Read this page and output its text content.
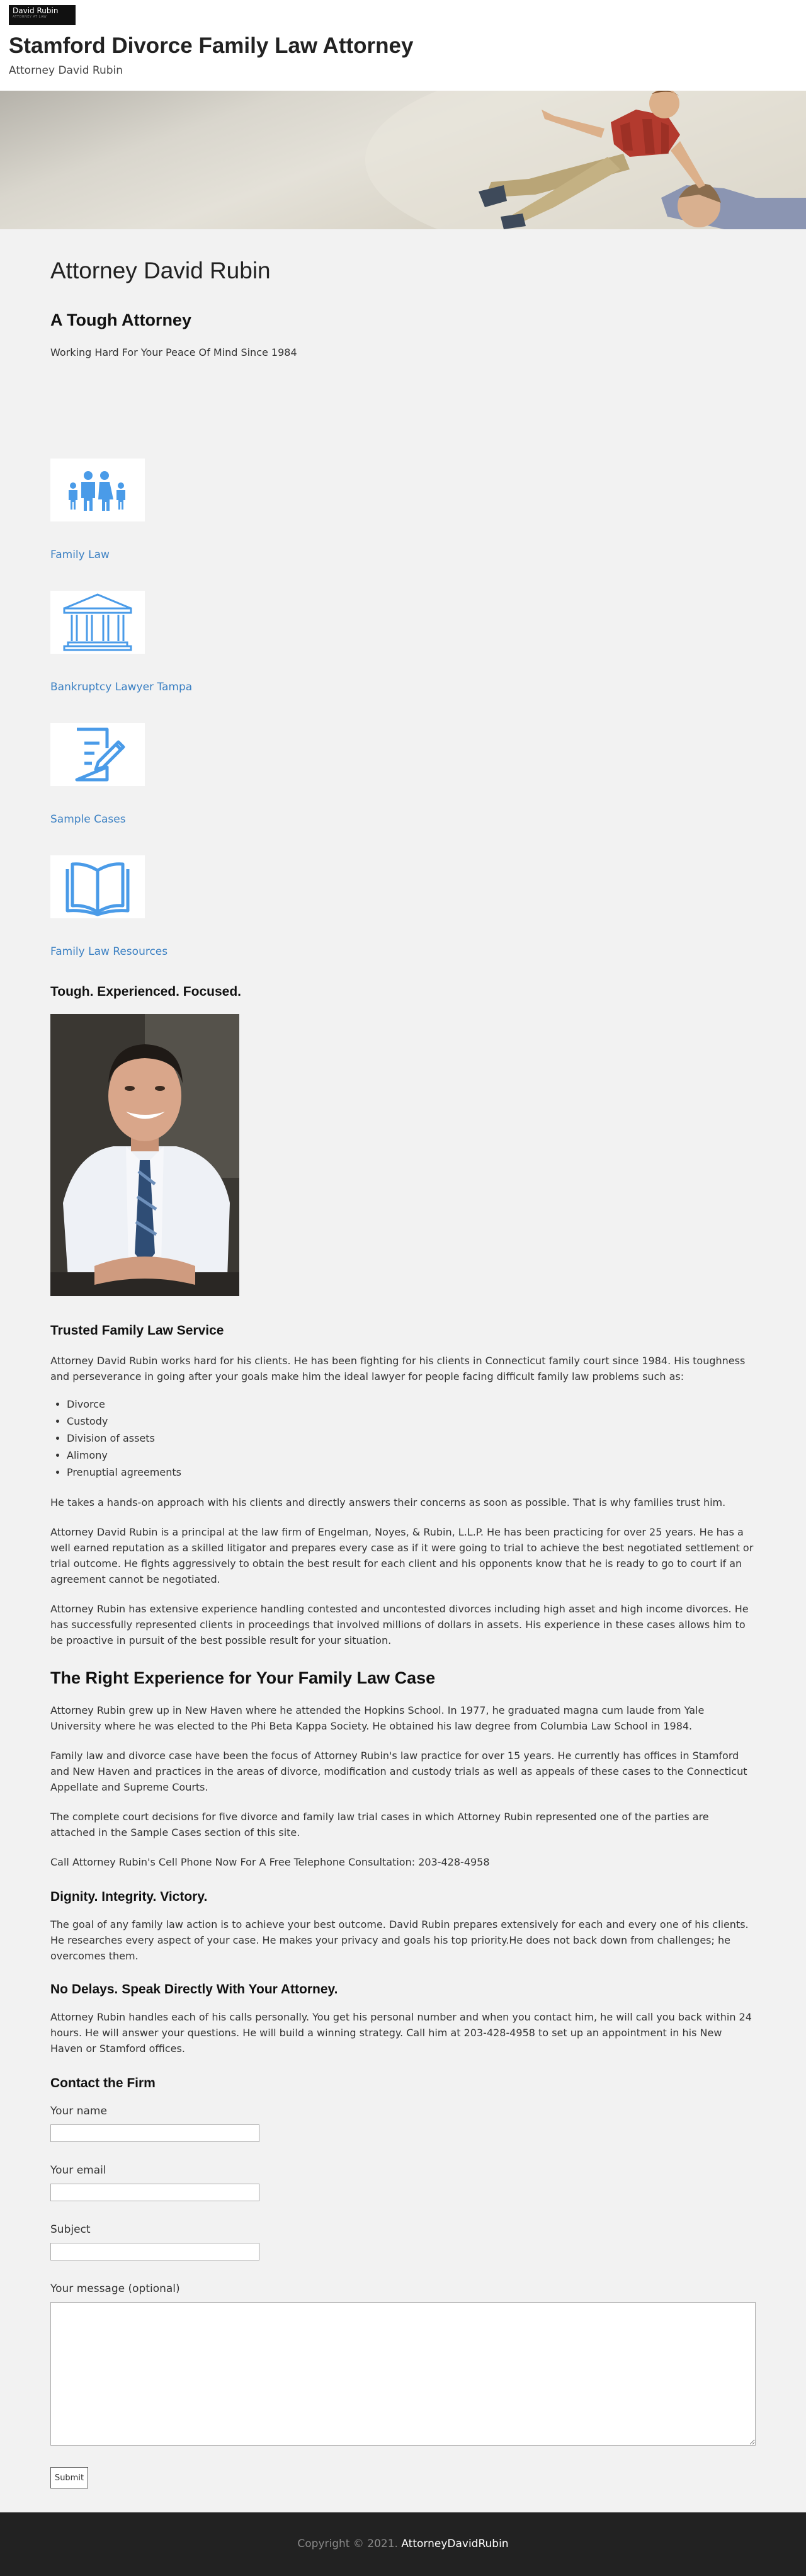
David Rubin
ATTORNEY AT LAW
Stamford Divorce Family Law Attorney

Attorney David Rubin

Attorney David Rubin
A Tough Attorney

Working Hard For Your Peace Of Mind Since 1984

Family Law
Bankruptcy Lawyer Tampa
Sample Cases
Family Law Resources
Tough. Experienced. Focused.
Trusted Family Law Service

Attorney David Rubin works hard for his clients. He has been fighting for his clients in Connecticut family court since 1984. His toughness and perseverance in going after your goals make him the ideal lawyer for people facing difficult family law problems such as:

• Divorce
• Custody
• Division of assets
• Alimony
• Prenuptial agreements

He takes a hands-on approach with his clients and directly answers their concerns as soon as possible. That is why families trust him.

Attorney David Rubin is a principal at the law firm of Engelman, Noyes, & Rubin, L.L.P. He has been practicing for over 25 years. He has a well earned reputation as a skilled litigator and prepares every case as if it were going to trial to achieve the best negotiated settlement or trial outcome. He fights aggressively to obtain the best result for each client and his opponents know that he is ready to go to court if an agreement cannot be negotiated.

Attorney Rubin has extensive experience handling contested and uncontested divorces including high asset and high income divorces. He has successfully represented clients in proceedings that involved millions of dollars in assets. His experience in these cases allows him to be proactive in pursuit of the best possible result for your situation.

The Right Experience for Your Family Law Case

Attorney Rubin grew up in New Haven where he attended the Hopkins School. In 1977, he graduated magna cum laude from Yale University where he was elected to the Phi Beta Kappa Society. He obtained his law degree from Columbia Law School in 1984.

Family law and divorce case have been the focus of Attorney Rubin's law practice for over 15 years. He currently has offices in Stamford and New Haven and practices in the areas of divorce, modification and custody trials as well as appeals of these cases to the Connecticut Appellate and Supreme Courts.

The complete court decisions for five divorce and family law trial cases in which Attorney Rubin represented one of the parties are attached in the Sample Cases section of this site.

Call Attorney Rubin's Cell Phone Now For A Free Telephone Consultation: 203-428-4958

Dignity. Integrity. Victory.

The goal of any family law action is to achieve your best outcome. David Rubin prepares extensively for each and every one of his clients. He researches every aspect of your case. He makes your privacy and goals his top priority.He does not back down from challenges; he overcomes them.

No Delays. Speak Directly With Your Attorney.

Attorney Rubin handles each of his calls personally. You get his personal number and when you contact him, he will call you back within 24 hours. He will answer your questions. He will build a winning strategy. Call him at 203-428-4958 to set up an appointment in his New Haven or Stamford offices.

Contact the Firm
Your name
Your email
Subject
Your message (optional)
Submit
Copyright © 2021. AttorneyDavidRubin
